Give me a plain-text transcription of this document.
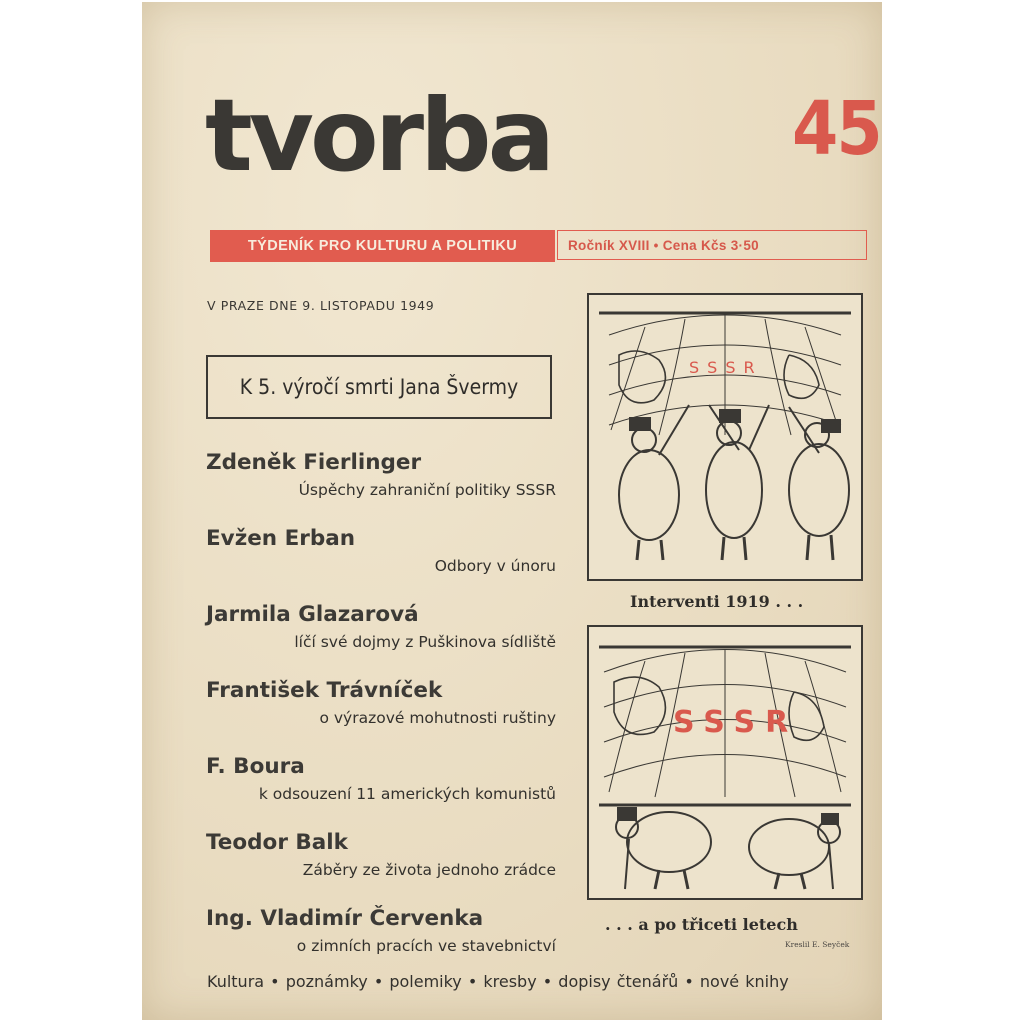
tvorba	45
TÝDENÍK PRO KULTURU A POLITIKU	Ročník XVIII • Cena Kčs 3·50
V PRAZE DNE 9. LISTOPADU 1949
K 5. výročí smrti Jana Švermy
Zdeněk Fierlinger
Úspěchy zahraniční politiky SSSR
Evžen Erban
Odbory v únoru
Jarmila Glazarová
líčí své dojmy z Puškinova sídliště
František Trávníček
o výrazové mohutnosti ruštiny
F. Boura
k odsouzení 11 amerických komunistů
Teodor Balk
Záběry ze života jednoho zrádce
Ing. Vladimír Červenka
o zimních pracích ve stavebnictví
SSSR
Interventi 1919 . . .
SSSR
. . . a po třiceti letech
Kreslil E. Seyček
Kultura • poznámky • polemiky • kresby • dopisy čtenářů • nové knihy
